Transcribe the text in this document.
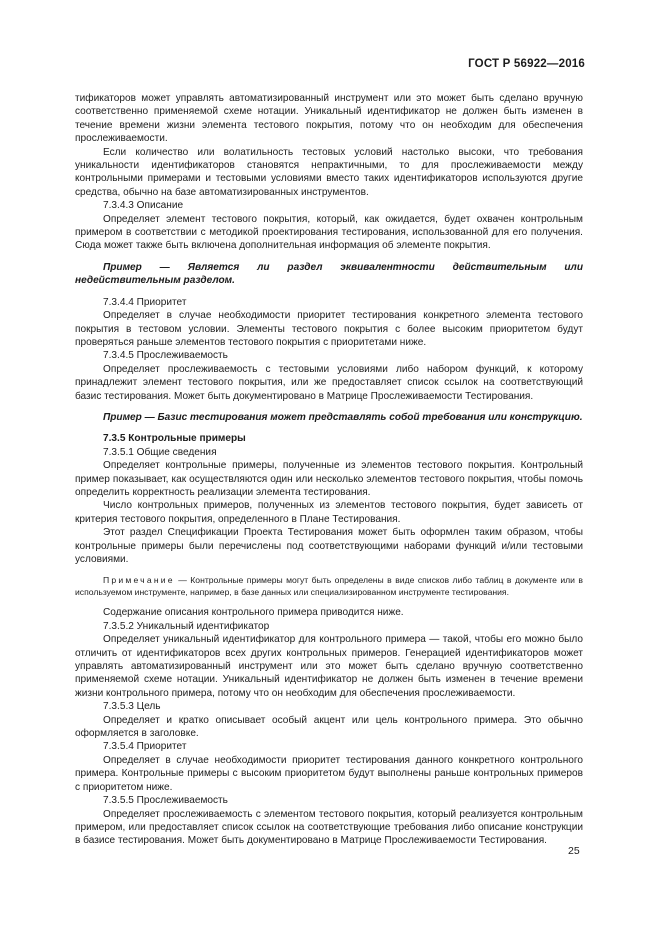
ГОСТ Р 56922—2016

тификаторов может управлять автоматизированный инструмент или это может быть сделано вручную соответственно применяемой схеме нотации. Уникальный идентификатор не должен быть изменен в течение времени жизни элемента тестового покрытия, потому что он необходим для обеспечения прослеживаемости.

Если количество или волатильность тестовых условий настолько высоки, что требования уникальности идентификаторов становятся непрактичными, то для прослеживаемости между контрольными примерами и тестовыми условиями вместо таких идентификаторов используются другие средства, обычно на базе автоматизированных инструментов.

7.3.4.3 Описание

Определяет элемент тестового покрытия, который, как ожидается, будет охвачен контрольным примером в соответствии с методикой проектирования тестирования, использованной для его получения. Сюда может также быть включена дополнительная информация об элементе покрытия.

Пример — Является ли раздел эквивалентности действительным или недействительным разделом.

7.3.4.4 Приоритет

Определяет в случае необходимости приоритет тестирования конкретного элемента тестового покрытия в тестовом условии. Элементы тестового покрытия с более высоким приоритетом будут проверяться раньше элементов тестового покрытия с приоритетами ниже.

7.3.4.5 Прослеживаемость

Определяет прослеживаемость с тестовыми условиями либо набором функций, к которому принадлежит элемент тестового покрытия, или же предоставляет список ссылок на соответствующий базис тестирования. Может быть документировано в Матрице Прослеживаемости Тестирования.

Пример — Базис тестирования может представлять собой требования или конструкцию.

7.3.5 Контрольные примеры

7.3.5.1 Общие сведения

Определяет контрольные примеры, полученные из элементов тестового покрытия. Контрольный пример показывает, как осуществляются один или несколько элементов тестового покрытия, чтобы помочь определить корректность реализации элемента тестирования.

Число контрольных примеров, полученных из элементов тестового покрытия, будет зависеть от критерия тестового покрытия, определенного в Плане Тестирования.

Этот раздел Спецификации Проекта Тестирования может быть оформлен таким образом, чтобы контрольные примеры были перечислены под соответствующими наборами функций и/или тестовыми условиями.

Примечание — Контрольные примеры могут быть определены в виде списков либо таблиц в документе или в используемом инструменте, например, в базе данных или специализированном инструменте тестирования.

Содержание описания контрольного примера приводится ниже.

7.3.5.2 Уникальный идентификатор

Определяет уникальный идентификатор для контрольного примера — такой, чтобы его можно было отличить от идентификаторов всех других контрольных примеров. Генерацией идентификаторов может управлять автоматизированный инструмент или это может быть сделано вручную соответственно применяемой схеме нотации. Уникальный идентификатор не должен быть изменен в течение времени жизни контрольного примера, потому что он необходим для обеспечения прослеживаемости.

7.3.5.3 Цель

Определяет и кратко описывает особый акцент или цель контрольного примера. Это обычно оформляется в заголовке.

7.3.5.4 Приоритет

Определяет в случае необходимости приоритет тестирования данного конкретного контрольного примера. Контрольные примеры с высоким приоритетом будут выполнены раньше контрольных примеров с приоритетом ниже.

7.3.5.5 Прослеживаемость

Определяет прослеживаемость с элементом тестового покрытия, который реализуется контрольным примером, или предоставляет список ссылок на соответствующие требования либо описание конструкции в базисе тестирования. Может быть документировано в Матрице Прослеживаемости Тестирования.

25
